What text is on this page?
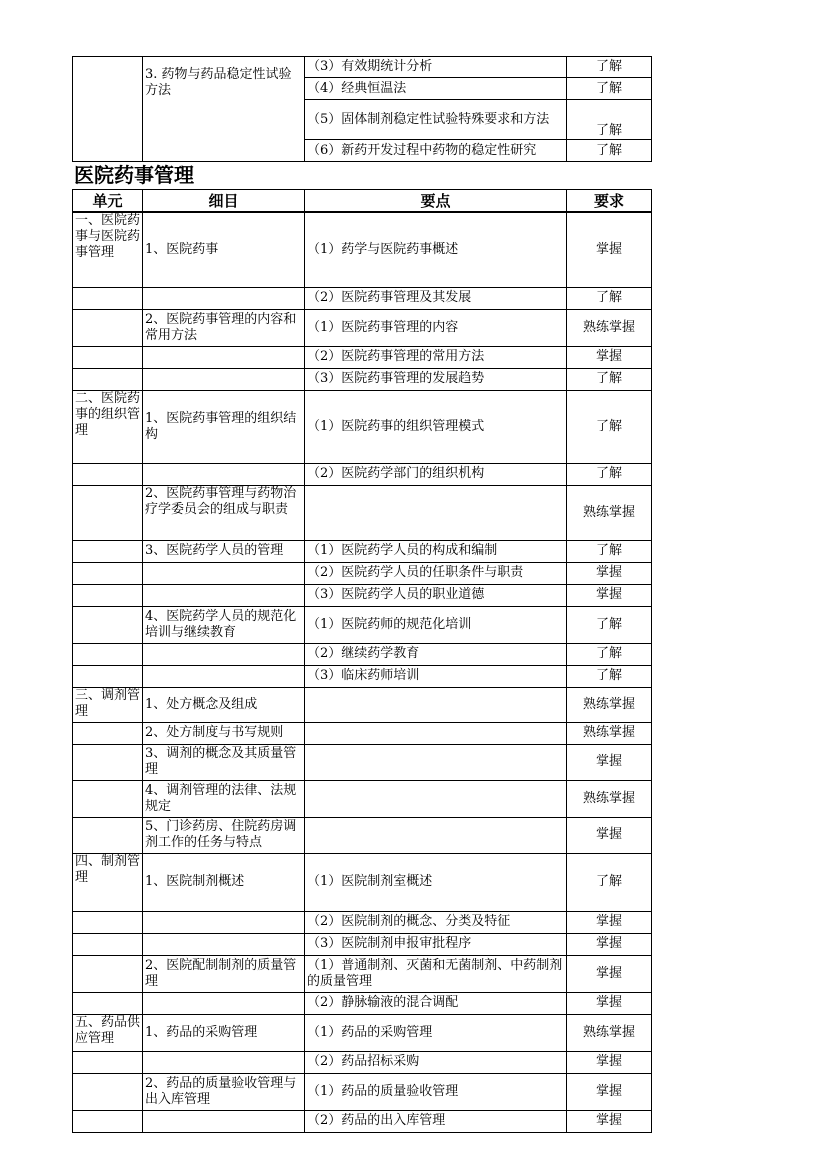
	3. 药物与药品稳定性试验方法	（3）有效期统计分析	了解
		（4）经典恒温法	了解
		（5）固体制剂稳定性试验特殊要求和方法	了解
		（6）新药开发过程中药物的稳定性研究	了解
医院药事管理
单元	细目	要点	要求
一、医院药事与医院药事管理	1、医院药事	（1）药学与医院药事概述	掌握
		（2）医院药事管理及其发展	了解
	2、医院药事管理的内容和常用方法	（1）医院药事管理的内容	熟练掌握
		（2）医院药事管理的常用方法	掌握
		（3）医院药事管理的发展趋势	了解
二、医院药事的组织管理	1、医院药事管理的组织结构	（1）医院药事的组织管理模式	了解
		（2）医院药学部门的组织机构	了解
	2、医院药事管理与药物治疗学委员会的组成与职责		熟练掌握
	3、医院药学人员的管理	（1）医院药学人员的构成和编制	了解
		（2）医院药学人员的任职条件与职责	掌握
		（3）医院药学人员的职业道德	掌握
	4、医院药学人员的规范化培训与继续教育	（1）医院药师的规范化培训	了解
		（2）继续药学教育	了解
		（3）临床药师培训	了解
三、调剂管理	1、处方概念及组成		熟练掌握
	2、处方制度与书写规则		熟练掌握
	3、调剂的概念及其质量管理		掌握
	4、调剂管理的法律、法规规定		熟练掌握
	5、门诊药房、住院药房调剂工作的任务与特点		掌握
四、制剂管理	1、医院制剂概述	（1）医院制剂室概述	了解
		（2）医院制剂的概念、分类及特征	掌握
		（3）医院制剂申报审批程序	掌握
	2、医院配制制剂的质量管理	（1）普通制剂、灭菌和无菌制剂、中药制剂的质量管理	掌握
		（2）静脉输液的混合调配	掌握
五、药品供应管理	1、药品的采购管理	（1）药品的采购管理	熟练掌握
		（2）药品招标采购	掌握
	2、药品的质量验收管理与出入库管理	（1）药品的质量验收管理	掌握
		（2）药品的出入库管理	掌握
